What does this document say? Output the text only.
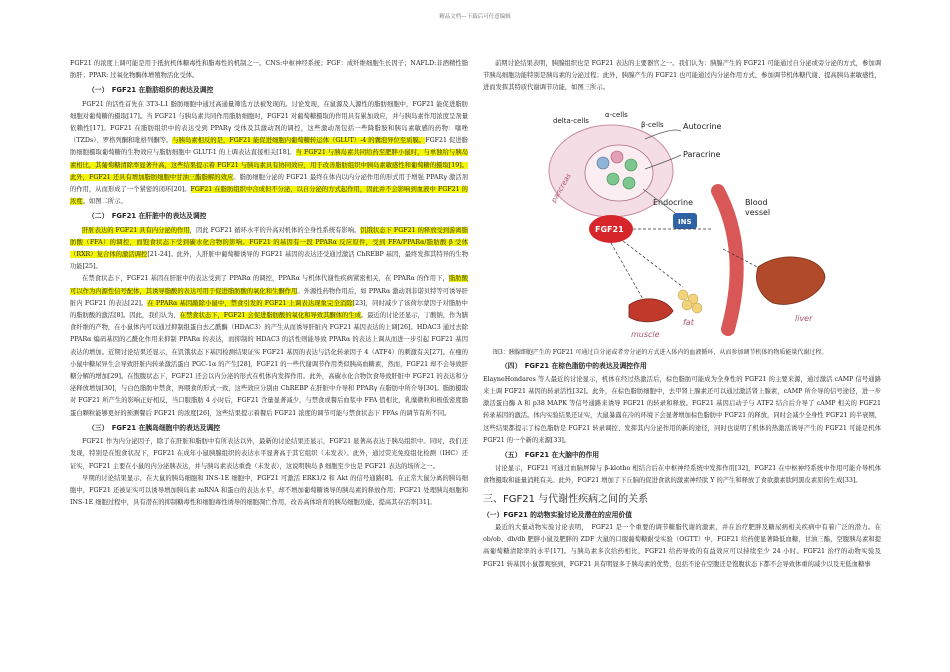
精品文档---下载后可任意编辑

FGF21 的浓度上调可能是用于抵抗机体糖毒性和脂毒性的机制之一。CNS:中枢神经系统；FGF：成纤维细胞生长因子；NAFLD:非酒精性脂肪肝；PPAR: 过氧化物酶体增殖物活化受体。

（一）　FGF21 在脂肪组织的表达及调控

FGF21 的活性首先在 3T3-L1 脂肪细胞中通过高通量筛选方法被发现的。讨论发现，在鼠源及人源性的脂肪细胞中，FGF21 能促进脂肪细胞对葡萄糖的摄取[17]。当 FGF21 与胰岛素共同作用脂肪细胞时，FGF21 对葡萄糖摄取的作用具有累加效应，并与胰岛素作用浓度呈剂量依赖性[17]。FGF21 在脂肪组织中的表达受到 PPARγ 受体及其激动剂的调控，这些激动剂包括一些降脂胺和胰岛素敏感的药物：噻唑（TZDs）、罗格列酮和吡格列酮等。与胰岛素相反的是，FGF21 能促进细胞内葡萄糖转运体（GLUT）-4 的囊泡异位至质膜。FGF21 促进脂肪细胞摄取葡萄糖的生物效应与脂肪细胞中 GLUT-1 的上调表达直接相关[18]。当 FGF21 与胰岛素共同给药至肥胖小鼠时，与单独给与胰岛素相比，其葡萄糖清除率显著升高，这些结果提示着 FGF21 与胰岛素具有协同效应，用于改善脂肪组织中胰岛素敏感性和葡萄糖的摄取[19]。此外，FGF21 还具有增加脂肪细胞中甘油三酯脂解的效应。脂肪细胞分泌的 FGF21 最终在体内以内分泌作用的形式用于增强 PPARγ 激活剂的作用，从而形成了一个紧密的闭环[20]。FGF21 在脂肪组织中合成但不分泌，以自分泌的方式起作用，因此并不会影响到血液中 FGF21 的浓度。如图二所示。

（二）　FGF21 在肝脏中的表达及调控

肝脏表达的 FGF21 具有内分泌的作用，因此 FGF21 循环水平的升高对机体的全身性系统有影响。饥饿状态下 FGF21 的释放受到游离脂肪酸（FFA）的调控，而饱食状态下受到碳水化合物的影响。FGF21 的基因有一段 PPARα 反应原件，受到 FFA/PPARα/脂肪酸 β 受体（RXR）复合体的激活调控[21-24]。此外，人肝脏中葡萄糖诱导的 FGF21 基因的表达还受通过激活 ChREBP 基因，最终发挥其特异的生物功能[25]。

在禁食状态下，FGF21 基因在肝脏中的表达受到了 PPARα 的调控，PPARα 与机体代谢性疾病紧密相关，在 PPARα 的作用下，脂肪酸可以作为内源性信号配体，其诱导脂酸的表达可用于促进脂肪酸的氧化和生酮作用。外源性药物作用后，如 PPARα 激动剂非诺贝特等可诱导肝脏内 FGF21 的表达[22]。在 PPARα 基因敲除小鼠中，禁食引发的 FGF21 上调表达现象完全消除[23]，同时减少了该荷尔蒙因子对脂肪中的脂肪酸的激活[8]。因此，我们认为，在禁食状态下，FGF21 会促进脂肪酸的氧化和导致其酮体的生成。最近的讨论还显示，丁酸钠，作为膳食纤维的产物，在小鼠体内可以通过抑制组蛋白去乙酰酶（HDAC3）的产生从而诱导肝脏内 FGF21 基因表达的上调[26]。HDAC3 通过去除 PPARα 编码基因的乙酰化作用来抑制 PPARα 的表达，而抑制的 HDAC3 的活性则能导致 PPARα 的表达上调从而进一步引起 FGF21 基因表达的增加。近期讨论结果还显示，在饥饿状态下基因检测结果证实 FGF21 基因的表达与活化转录因子 4（ATF4）的刺激有关[27]。在瘦的小鼠中糖尿异生会导致肝脏内转录激活蛋白 PGC-1α 的产生[28]，FGF21 的一些代谢调节作用类似胰高血糖素，然而，FGF21 却不会导致肝糖分解的增加[29]。在饱腹状态下，FGF21 还会以内分泌的形式在机体内发挥作用。此外，高碳水化合物饮食导致肝脏中 FGF21 的表达和分泌释放增加[30]，与白色脂肪中禁食，再喂食的形式一致，这些效应分别由 ChREBP 在肝脏中介导和 PPARγ 在脂肪中所介导[30]。脂肪摄取对 FGF21 所产生的影响正好相反，当口服脂肪 4 小时后，FGF21 含量显著减少，与禁食或餐后血浆中 FFA 值相比，乳糜微粒和极低密度脂蛋白颗粒能够更好的预测餐后 FGF21 的浓度[26]，这些结果提示着餐后 FGF21 浓度的调节可能与禁食状态下 FFAs 的调节有所不同。

（三）　FGF21 在胰岛细胞中的表达及调控

FGF21 作为内分泌因子，除了在肝脏和脂肪中有所表达以外，最新的讨论结果还显示，FGF21 显著高表达于胰岛组织中。同时，我们还发现，特别是在饱食状况下，FGF21 在成年小鼠胰腺组织的表达水平显著高于其它组织（未发表）。此外，通过荧光免疫组化检测（IHC）还证实，FGF21 主要在小鼠的内分泌胰表达，并与胰岛素表达重叠（未发表），这说明胰岛 β 细胞至少也是 FGF21 表达的场所之一。

早期的讨论结果显示，在大鼠的胰岛细胞和 INS-1E 细胞中，FGF21 可激活 ERK1/2 和 Akt 的信号通路[8]。在正常大鼠分离的胰岛细胞中，FGF21 还被证实可以诱导增加胰岛素 mRNA 和蛋白的表达水平，却不增加葡萄糖诱导的胰岛素的释放作用；FGF21 处理胰岛细胞和 INS-1E 细胞过程中，具有潜在的抑制糖毒性和细胞毒性诱导的细胞凋亡作用，改善高体培育的胰岛细胞功能，提高其存活率[31]。

前期讨论结果表明，胰腺组织也是 FGF21 表达的主要器官之一。我们认为：胰腺产生的 FGF21 可能通过自分泌或旁分泌的方式，参加调节胰岛细胞功能特别是胰岛素的分泌过程；此外，胰腺产生的 FGF21 也可能通过内分泌作用方式，参加调节机体糖代谢、提高胰岛素敏感性，进而发挥其特质代谢调节功能，如图三所示。

delta-cells
α-cells
β-cells Autocrine
Paracrine
pancreas	Endocrine
INS
FGF21
Blood
vessel
liver
muscle
fat

图3：胰腺细胞产生的 FGF21 可通过自分泌或者旁分泌的方式进入体内的血液循环，从而参加调节机体的物质能量代谢过程。

（四）　FGF21 在棕色脂肪中的表达及调控作用

ElayneHondares 等人最近的讨论显示，机体在经过热激活后，棕色脂肪可能成为全身性的 FGF21 的主要来源，通过激活 cAMP 信号通路来上调 FGF21 基因的转录活性[32]。此外，在棕色脂肪细胞中，去甲肾上腺素还可以通过激活肾上腺素，cAMP 所介导的信号途径，进一步激活蛋白酶 A 和 p38 MAPK 等信号通路来诱导 FGF21 的转录和释放。FGF21 基因启动子与 ATF2 结合后介导了 cAMP 相关的 FGF21 转录基因的激活。体内实验结果还证实，大鼠暴露在冷的环境下会显著增加棕色脂肪中 FGF21 的释放，同时会减少全身性 FGF21 的半衰期，这些结果都提示了棕色脂肪是 FGF21 转录调控、发挥其内分泌作用的新的途径，同时也说明了机体的热激活诱导产生的 FGF21 可能是机体 FGF21 的一个新的来源[33]。

（五）　FGF21 在大脑中的作用

讨论显示，FGF21 可通过血脑屏障与 β-klotho 相结合后在中枢神经系统中发挥作用[32]，FGF21 在中枢神经系统中作用可能介导机体食物摄取和能量消耗有关。此外，FGF21 增加了下丘脑的促进食欲的激素神经肽 Y 的产生和释放了食欲激素肽阿黑皮素原的生成[33]。

三、FGF21 与代谢性疾病之间的关系
（一）FGF21 的动物实验讨论及潜在的应用价值

最近的大量动物实验讨论表明，　FGF21 是一个重要的调节糖脂代谢的激素，并在治疗肥胖及糖尿病相关疾病中有着广泛的潜力。在 ob/ob、db/db 肥胖小鼠及肥胖的 ZDF 大鼠的口服葡萄糖耐受实验（OGTT）中，FGF21 给药使显著降低血糖，甘油三酯，空腹胰岛素和提高葡萄糖清除率的水平[17]。与胰岛素多次给药相比，FGF21 给药导致的有益效应可以持续至少 24 小时。FGF21 治疗的动物实验及 FGF21 转基因小鼠都观察到，FGF21 具有明显多于胰岛素的优势，包括不论在空腹还是饱腹状态下都不会导致体重的减少以及无低血糖事
